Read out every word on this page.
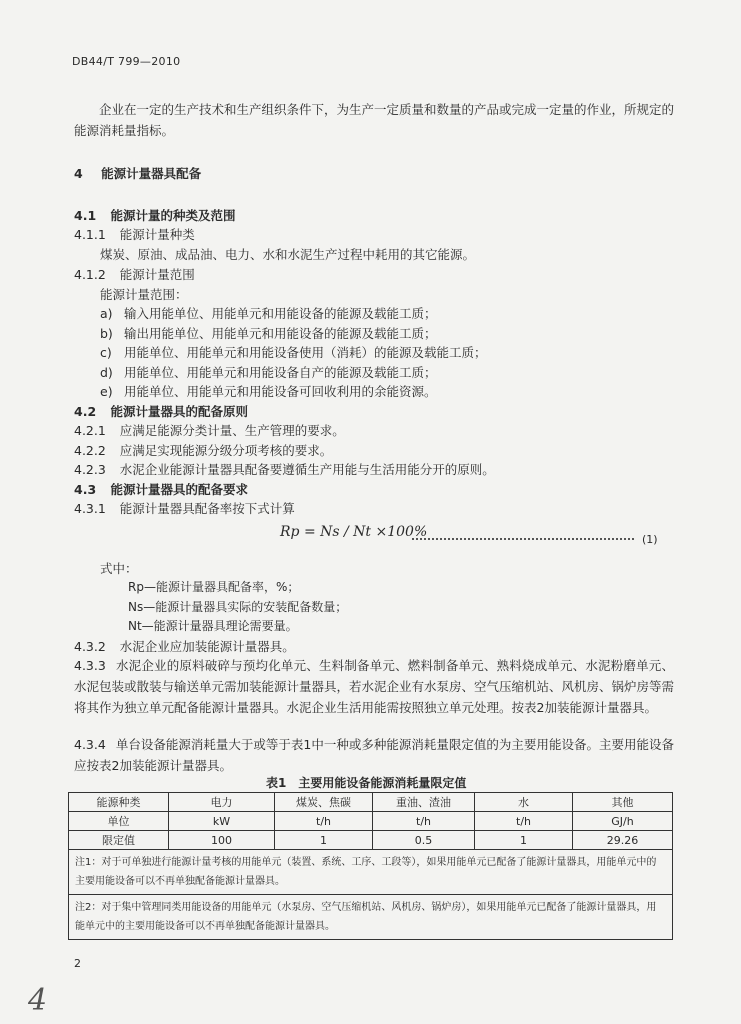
DB44/T 799—2010
企业在一定的生产技术和生产组织条件下，为生产一定质量和数量的产品或完成一定量的作业，所规定的能源消耗量指标。
4 能源计量器具配备
4.1 能源计量的种类及范围
4.1.1 能源计量种类
煤炭、原油、成品油、电力、水和水泥生产过程中耗用的其它能源。
4.1.2 能源计量范围
能源计量范围：
a) 输入用能单位、用能单元和用能设备的能源及载能工质；
b) 输出用能单位、用能单元和用能设备的能源及载能工质；
c) 用能单位、用能单元和用能设备使用（消耗）的能源及载能工质；
d) 用能单位、用能单元和用能设备自产的能源及载能工质；
e) 用能单位、用能单元和用能设备可回收利用的余能资源。
4.2 能源计量器具的配备原则
4.2.1 应满足能源分类计量、生产管理的要求。
4.2.2 应满足实现能源分级分项考核的要求。
4.2.3 水泥企业能源计量器具配备要遵循生产用能与生活用能分开的原则。
4.3 能源计量器具的配备要求
4.3.1 能源计量器具配备率按下式计算
Rp = Ns / Nt ×100%	(1)
式中：
Rp—能源计量器具配备率，%；
Ns—能源计量器具实际的安装配备数量；
Nt—能源计量器具理论需要量。
4.3.2 水泥企业应加装能源计量器具。
4.3.3 水泥企业的原料破碎与预均化单元、生料制备单元、燃料制备单元、熟料烧成单元、水泥粉磨单元、水泥包装或散装与输送单元需加装能源计量器具，若水泥企业有水泵房、空气压缩机站、风机房、锅炉房等需将其作为独立单元配备能源计量器具。水泥企业生活用能需按照独立单元处理。按表2加装能源计量器具。
4.3.4 单台设备能源消耗量大于或等于表1中一种或多种能源消耗量限定值的为主要用能设备。主要用能设备应按表2加装能源计量器具。
表1　主要用能设备能源消耗量限定值
能源种类	电力	煤炭、焦碳	重油、渣油	水	其他
单位	kW	t/h	t/h	t/h	GJ/h
限定值	100	1	0.5	1	29.26
注1：对于可单独进行能源计量考核的用能单元（装置、系统、工序、工段等），如果用能单元已配备了能源计量器具，用能单元中的主要用能设备可以不再单独配备能源计量器具。					
注2：对于集中管理同类用能设备的用能单元（水泵房、空气压缩机站、风机房、锅炉房），如果用能单元已配备了能源计量器具，用能单元中的主要用能设备可以不再单独配备能源计量器具。					
2
4
